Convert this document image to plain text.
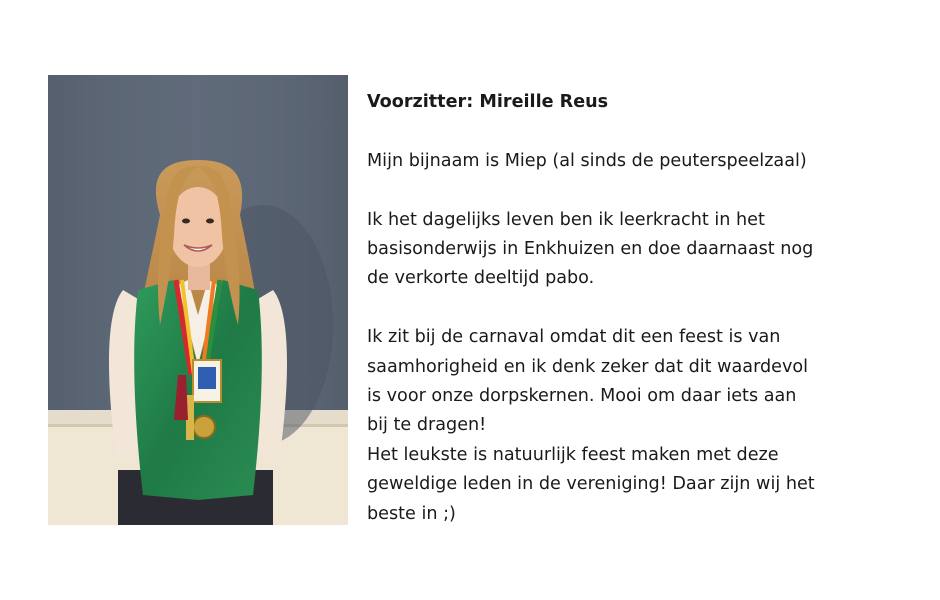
Voorzitter: Mireille Reus

Mijn bijnaam is Miep (al sinds de peuterspeelzaal)

Ik het dagelijks leven ben ik leerkracht in het

basisonderwijs in Enkhuizen en doe daarnaast nog

de verkorte deeltijd pabo.

Ik zit bij de carnaval omdat dit een feest is van

saamhorigheid en ik denk zeker dat dit waardevol

is voor onze dorpskernen. Mooi om daar iets aan

bij te dragen!

Het leukste is natuurlijk feest maken met deze

geweldige leden in de vereniging! Daar zijn wij het

beste in ;)
